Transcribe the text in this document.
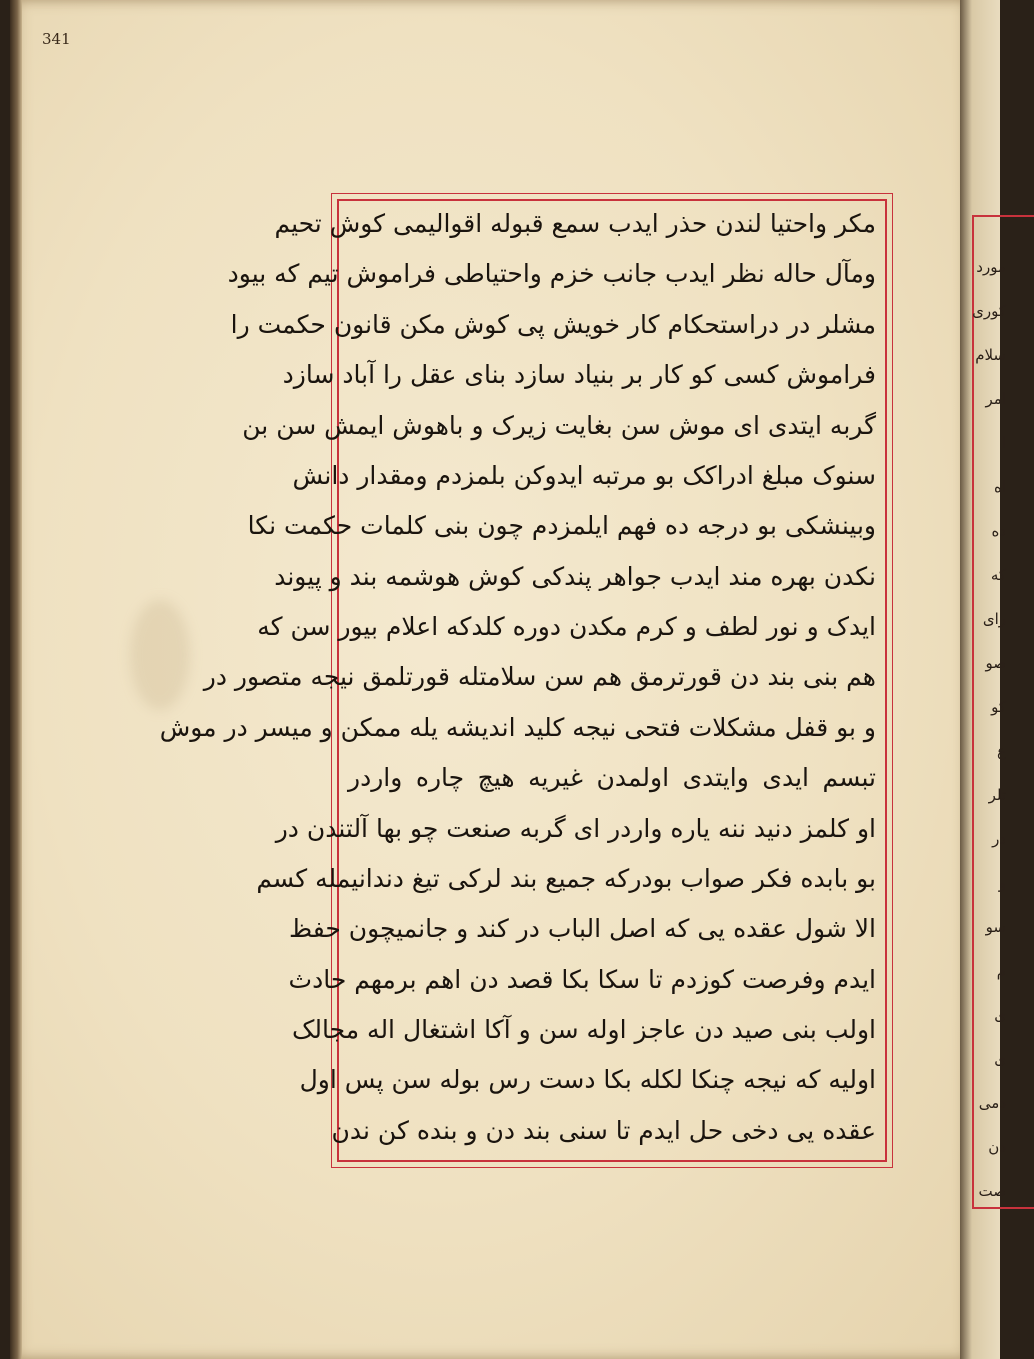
341
مکر واحتیا لندن حذر ایدب سمع قبوله اقوالیمی کوش تحیم
ومآل حاله نظر ایدب جانب خزم واحتیاطی فراموش تیم که بیود
مشلر در دراستحکام کار خویش پی کوش مکن قانون حکمت را
فراموش کسی کو کار بر بنیاد سازد بنای عقل را آباد سازد
گربه ایتدی ای موش سن بغایت زیرک و باهوش ایمش سن بن
سنوک مبلغ ادراکک بو مرتبه ایدوکن بلمزدم ومقدار دانش
وبینشکی بو درجه ده فهم ایلمزدم چون بنی کلمات حکمت نکا
نکدن بهره مند ایدب جواهر پندکی کوش هوشمه بند و پیوند
ایدک و نور لطف و کرم مکدن دوره کلدکه اعلام بیور سن که
هم بنی بند دن قورترمق هم سن سلامتله قورتلمق نیجه متصور در
و بو قفل مشکلات فتحی نیجه کلید اندیشه یله ممکن و میسر در موش
تبسم ایدی وایتدی اولمدن غیریه هیچ چاره واردر
او کلمز دنید ننه یاره واردر ای گربه صنعت چو بها آلتندن در
بو بابده فکر صواب بودرکه جمیع بند لرکی تیغ دندانیمله کسم
الا شول عقده یی که اصل الباب در کند و جانمیچون حفظ
ایدم وفرصت کوزدم تا سکا بکا قصد دن اهم برمهم حادث
اولب بنی صید دن عاجز اوله سن و آکا اشتغال اله مجالک
اولیه که نیجه چنکا لکله بکا دست رس بوله سن پس اول
عقده یی دخی حل ایدم تا سنی بند دن و بنده کن ندن
مورد
کوری
سلام
امر
ا
اه
ده
که
رای
صو
کو
ع
تلر
در
و
سو
م
ی
ی
دمی
دن
صت
